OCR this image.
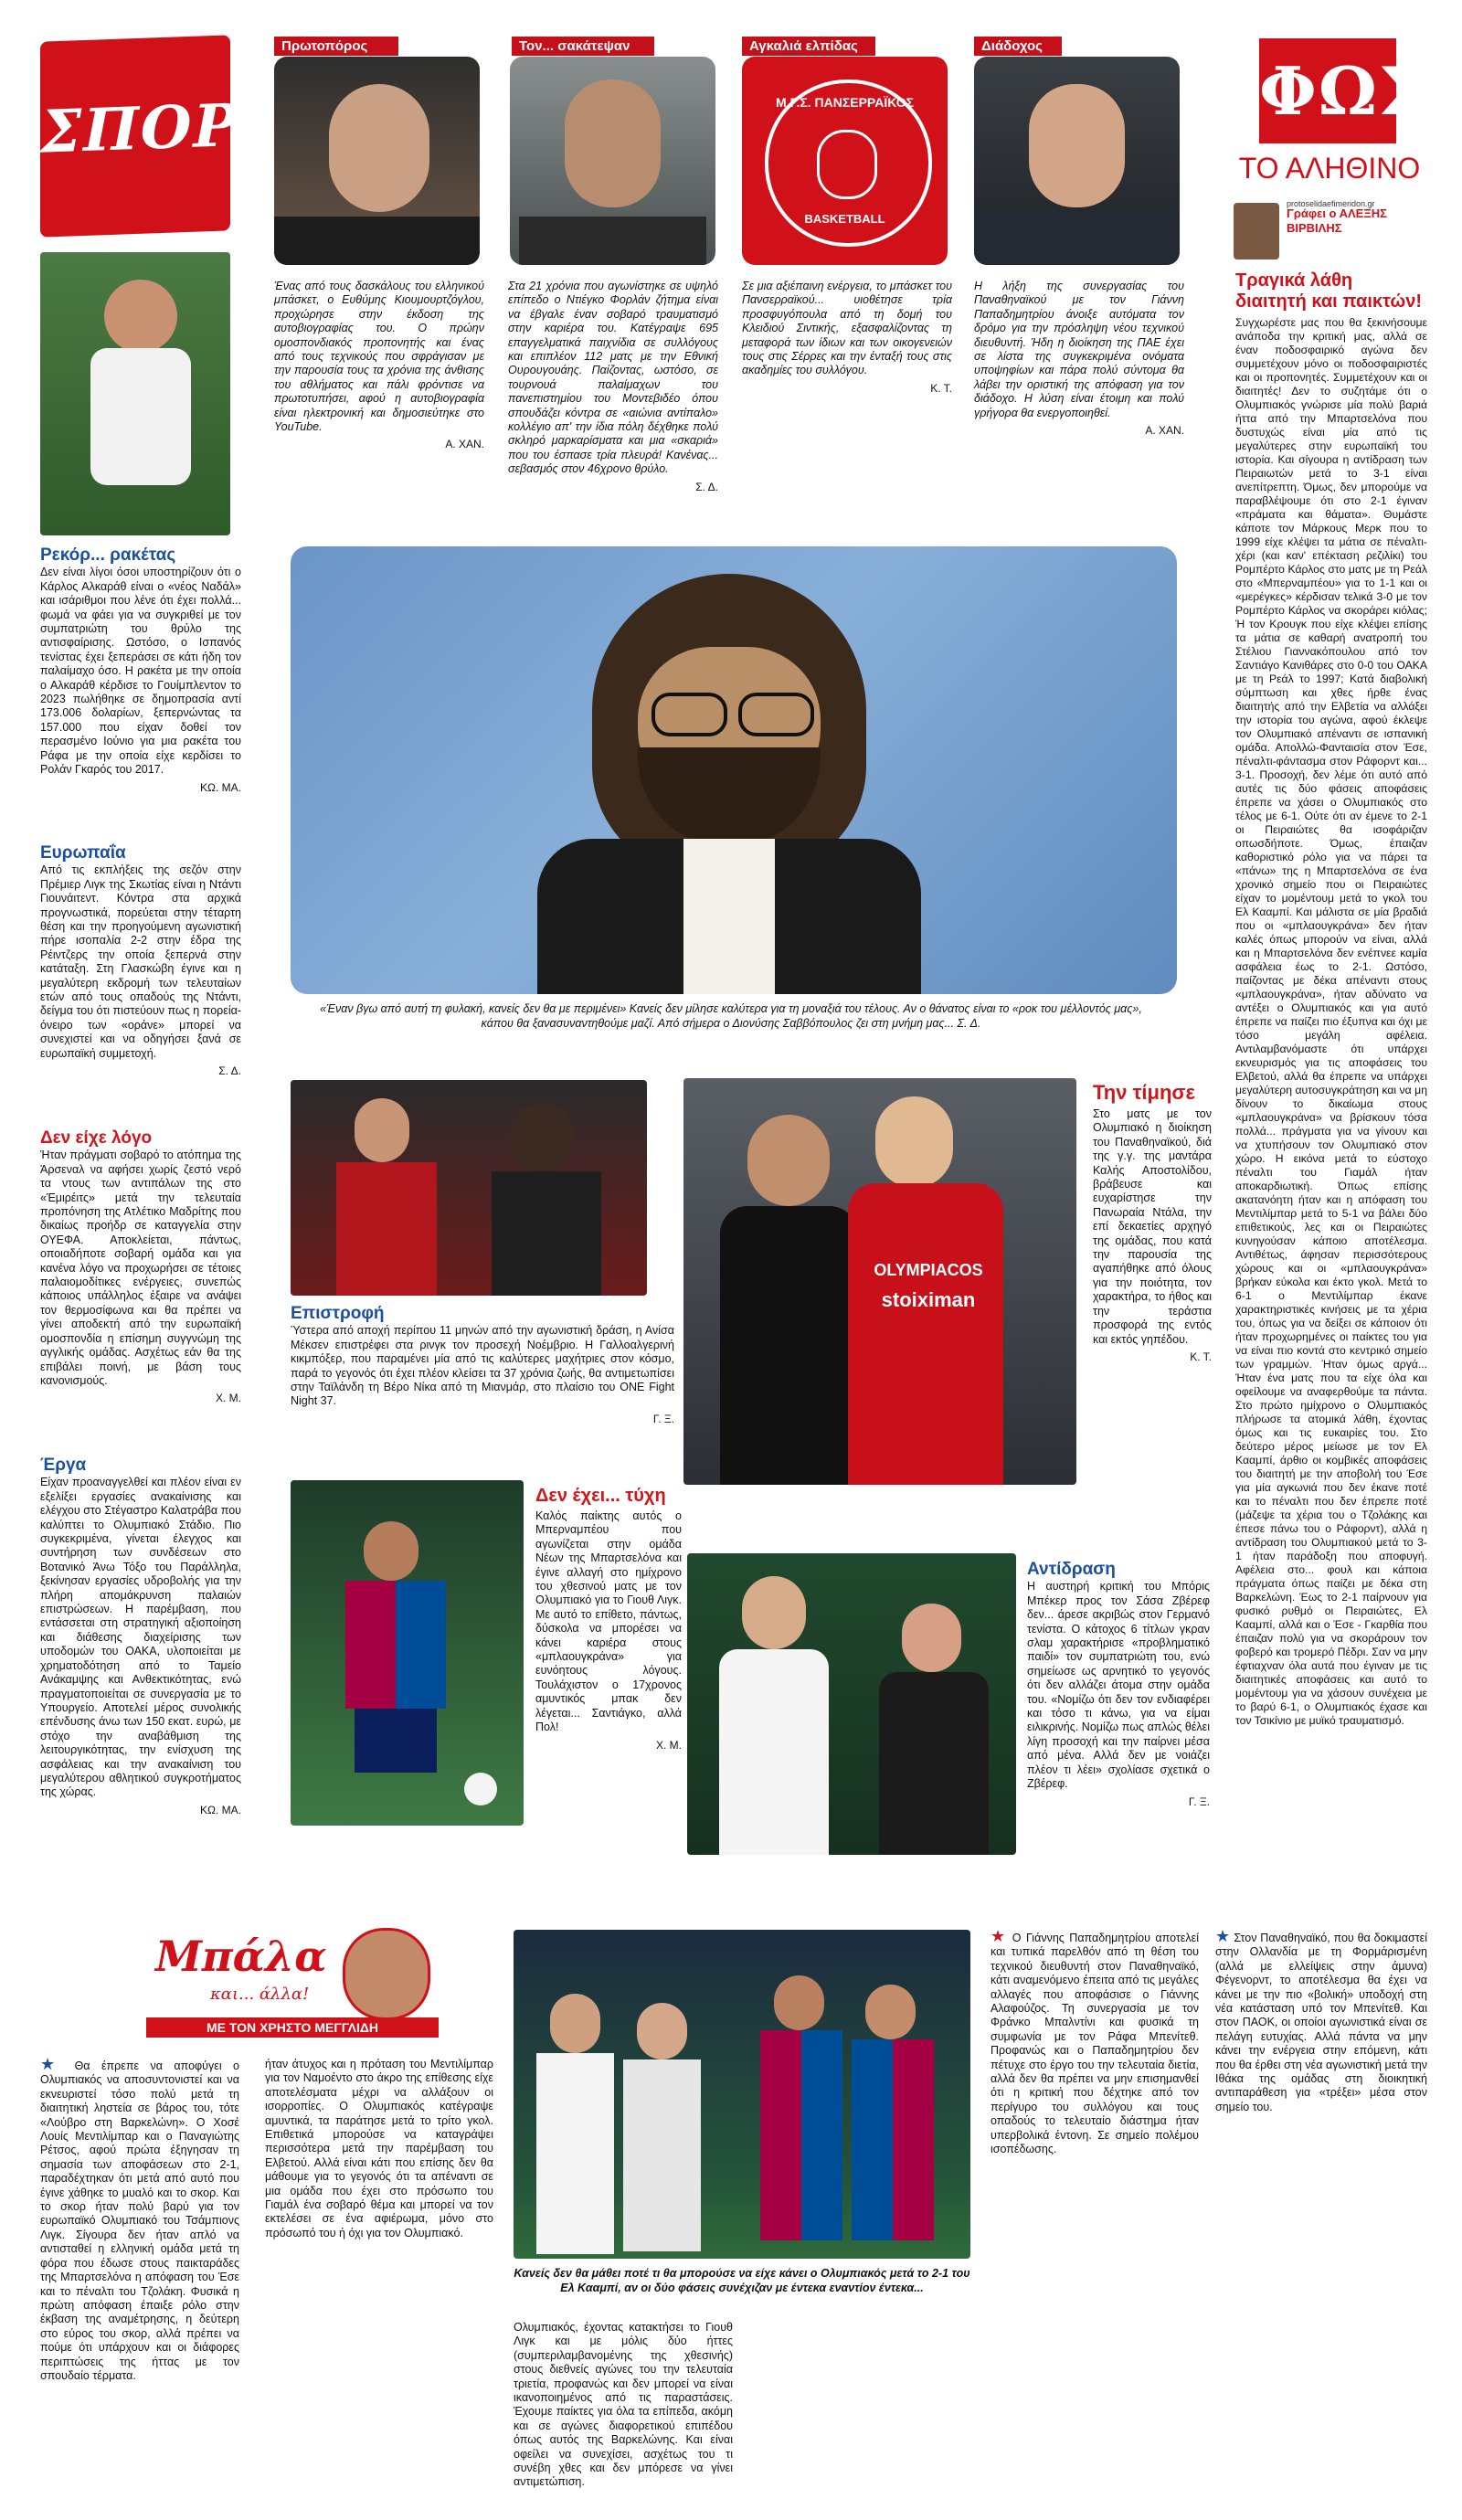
ΣΠΟΡ
Πρωτοπόρος	Τον... σακάτεψαν	Αγκαλιά ελπίδας	Διάδοχος
Μ.Γ.Σ. ΠΑΝΣΕΡΡΑΪΚΟΣ
BASKETBALL
Ένας από τους δασκάλους του ελληνικού μπάσκετ, ο Ευθύμης Κιουμουρτζόγλου, προχώρησε στην έκδοση της αυτοβιογραφίας του. Ο πρώην ομοσπονδιακός προπονητής και ένας από τους τεχνικούς που σφράγισαν με την παρουσία τους τα χρόνια της άνθισης του αθλήματος και πάλι φρόντισε να πρωτοτυπήσει, αφού η αυτοβιογραφία είναι ηλεκτρονική και δημοσιεύτηκε στο YouTube.
Α. ΧΑΝ.
Στα 21 χρόνια που αγωνίστηκε σε υψηλό επίπεδο ο Ντιέγκο Φορλάν ζήτημα είναι να έβγαλε έναν σοβαρό τραυματισμό στην καριέρα του. Κατέγραψε 695 επαγγελματικά παιχνίδια σε συλλόγους και επιπλέον 112 ματς με την Εθνική Ουρουγουάης. Παίζοντας, ωστόσο, σε τουρνουά παλαίμαχων του πανεπιστημίου του Μοντεβιδέο όπου σπουδάζει κόντρα σε «αιώνια αντίπαλο» κολλέγιο απ' την ίδια πόλη δέχθηκε πολύ σκληρό μαρκαρίσματα και μια «σκαριά» που του έσπασε τρία πλευρά! Κανένας... σεβασμός στον 46χρονο θρύλο.
Σ. Δ.
Σε μια αξιέπαινη ενέργεια, το μπάσκετ του Πανσερραϊκού... υιοθέτησε τρία προσφυγόπουλα από τη δομή του Κλειδιού Σιντικής, εξασφαλίζοντας τη μεταφορά των ίδιων και των οικογενειών τους στις Σέρρες και την ένταξή τους στις ακαδημίες του συλλόγου.
Κ. Τ.
Η λήξη της συνεργασίας του Παναθηναϊκού με τον Γιάννη Παπαδημητρίου άνοιξε αυτόματα τον δρόμο για την πρόσληψη νέου τεχνικού διευθυντή. Ήδη η διοίκηση της ΠΑΕ έχει σε λίστα της συγκεκριμένα ονόματα υποψηφίων και πάρα πολύ σύντομα θα λάβει την οριστική της απόφαση για τον διάδοχο. Η λύση είναι έτοιμη και πολύ γρήγορα θα ενεργοποιηθεί.
Α. ΧΑΝ.
ΦΩΣ
ΤΟ ΑΛΗΘΙΝΟ
Γράφει ο ΑΛΕΞΗΣ ΒΙΡΒΙΛΗΣ
protoselidaefimeridon.gr
Τραγικά λάθη διαιτητή και παικτών!
Συγχωρέστε μας που θα ξεκινήσουμε ανάποδα την κριτική μας, αλλά σε έναν ποδοσφαιρικό αγώνα δεν συμμετέχουν μόνο οι ποδοσφαιριστές και οι προπονητές. Συμμετέχουν και οι διαιτητές! Δεν το συζητάμε ότι ο Ολυμπιακός γνώρισε μία πολύ βαριά ήττα από την Μπαρτσελόνα που δυστυχώς είναι μία από τις μεγαλύτερες στην ευρωπαϊκή του ιστορία. Και σίγουρα η αντίδραση των Πειραιωτών μετά το 3-1 είναι ανεπίτρεπτη. Όμως, δεν μπορούμε να παραβλέψουμε ότι στο 2-1 έγιναν «πράματα και θάματα». Θυμάστε κάποτε τον Μάρκους Μερκ που το 1999 είχε κλέψει τα μάτια σε πέναλτι-χέρι (και καν' επέκταση ρεζιλίκι) του Ρομπέρτο Κάρλος στο ματς με τη Ρεάλ στο «Μπερναμπέου» για το 1-1 και οι «μερέγκες» κέρδισαν τελικά 3-0 με τον Ρομπέρτο Κάρλος να σκοράρει κιόλας; Ή τον Κρουγκ που είχε κλέψει επίσης τα μάτια σε καθαρή ανατροπή του Στέλιου Γιαννακόπουλου από τον Σαντιάγο Κανιθάρες στο 0-0 του ΟΑΚΑ με τη Ρεάλ το 1997; Κατά διαβολική σύμπτωση και χθες ήρθε ένας διαιτητής από την Ελβετία να αλλάξει την ιστορία του αγώνα, αφού έκλεψε τον Ολυμπιακό απέναντι σε ισπανική ομάδα. Απολλώ-Φανταισία στον Έσε, πέναλτι-φάντασμα στον Ράφορντ και... 3-1. Προσοχή, δεν λέμε ότι αυτό από αυτές τις δύο φάσεις αποφάσεις έπρεπε να χάσει ο Ολυμπιακός στο τέλος με 6-1. Ούτε ότι αν έμενε το 2-1 οι Πειραιώτες θα ισοφάριζαν οπωσδήποτε. Όμως, έπαιζαν καθοριστικό ρόλο για να πάρει τα «πάνω» της η Μπαρτσελόνα σε ένα χρονικό σημείο που οι Πειραιώτες είχαν το μομέντουμ μετά το γκολ του Ελ Κααμπί. Και μάλιστα σε μία βραδιά που οι «μπλαουγκράνα» δεν ήταν καλές όπως μπορούν να είναι, αλλά και η Μπαρτσελόνα δεν ενέπνεε καμία ασφάλεια έως το 2-1. Ωστόσο, παίζοντας με δέκα απέναντι στους «μπλαουγκράνα», ήταν αδύνατο να αντέξει ο Ολυμπιακός και για αυτό έπρεπε να παίζει πιο έξυπνα και όχι με τόσο μεγάλη αφέλεια. Αντιλαμβανόμαστε ότι υπάρχει εκνευρισμός για τις αποφάσεις του Ελβετού, αλλά θα έπρεπε να υπάρχει μεγαλύτερη αυτοσυγκράτηση και να μη δίνουν το δικαίωμα στους «μπλαουγκράνα» να βρίσκουν τόσα πολλά... πράγματα για να γίνουν και να χτυπήσουν τον Ολυμπιακό στον χώρο. Η εικόνα μετά το εύστοχο πέναλτι του Γιαμάλ ήταν αποκαρδιωτική. Όπως επίσης ακατανόητη ήταν και η απόφαση του Μεντιλίμπαρ μετά το 5-1 να βάλει δύο επιθετικούς, λες και οι Πειραιώτες κυνηγούσαν κάποιο αποτέλεσμα. Αντιθέτως, άφησαν περισσότερους χώρους και οι «μπλαουγκράνα» βρήκαν εύκολα και έκτο γκολ. Μετά το 6-1 ο Μεντιλίμπαρ έκανε χαρακτηριστικές κινήσεις με τα χέρια του, όπως για να δείξει σε κάποιον ότι ήταν προχωρημένες οι παίκτες του για να είναι πιο κοντά στο κεντρικό σημείο των γραμμών. Ήταν όμως αργά... Ήταν ένα ματς που τα είχε όλα και οφείλουμε να αναφερθούμε τα πάντα. Στο πρώτο ημίχρονο ο Ολυμπιακός πλήρωσε τα ατομικά λάθη, έχοντας όμως και τις ευκαιρίες του. Στο δεύτερο μέρος μείωσε με τον Ελ Κααμπί, άρθιο οι κομβικές αποφάσεις του διαιτητή με την αποβολή του Έσε για μία αγκωνιά που δεν έκανε ποτέ και το πέναλτι που δεν έπρεπε ποτέ (μάζεψε τα χέρια του ο Τζολάκης και έπεσε πάνω του ο Ράφορντ), αλλά η αντίδραση του Ολυμπιακού μετά το 3-1 ήταν παράδοξη που αποφυγή. Αφέλεια στο... φουλ και κάποια πράγματα όπως παίζει με δέκα στη Βαρκελώνη. Έως το 2-1 παίρνουν για φυσικό ρυθμό οι Πειραιώτες, Ελ Κααμπί, αλλά και ο Έσε - Γκαρθία που έπαιζαν πολύ για να σκοράρουν τον φοβερό και τρομερό Πέδρι. Σαν να μην έφτιαχναν όλα αυτά που έγιναν με τις διαιτητικές αποφάσεις και αυτό το μομέντουμ για να χάσουν συνέχεια με το βαρύ 6-1, ο Ολυμπιακός έχασε και τον Τσικίνιο με μυϊκό τραυματισμό.
Ρεκόρ... ρακέτας
Δεν είναι λίγοι όσοι υποστηρίζουν ότι ο Κάρλος Αλκαράθ είναι ο «νέος Ναδάλ» και ισάριθμοι που λένε ότι έχει πολλά... φωμά να φάει για να συγκριθεί με τον συμπατριώτη του θρύλο της αντισφαίρισης. Ωστόσο, ο Ισπανός τενίστας έχει ξεπεράσει σε κάτι ήδη τον παλαίμαχο όσο. Η ρακέτα με την οποία ο Αλκαράθ κέρδισε το Γουίμπλεντον το 2023 πωλήθηκε σε δημοπρασία αντί 173.006 δολαρίων, ξεπερνώντας τα 157.000 που είχαν δοθεί τον περασμένο Ιούνιο για μια ρακέτα του Ράφα με την οποία είχε κερδίσει το Ρολάν Γκαρός του 2017.
ΚΩ. ΜΑ.
Ευρωπαΐα
Από τις εκπλήξεις της σεζόν στην Πρέμιερ Λιγκ της Σκωτίας είναι η Ντάντι Γιουνάιτεντ. Κόντρα στα αρχικά προγνωστικά, πορεύεται στην τέταρτη θέση και την προηγούμενη αγωνιστική πήρε ισοπαλία 2-2 στην έδρα της Ρέιντζερς την οποία ξεπερνά στην κατάταξη. Στη Γλασκώβη έγινε και η μεγαλύτερη εκδρομή των τελευταίων ετών από τους οπαδούς της Ντάντι, δείγμα του ότι πιστεύουν πως η πορεία-όνειρο των «οράνε» μπορεί να συνεχιστεί και να οδηγήσει ξανά σε ευρωπαϊκή συμμετοχή.
Σ. Δ.
Δεν είχε λόγο
Ήταν πράγματι σοβαρό το ατόπημα της Άρσεναλ να αφήσει χωρίς ζεστό νερό τα ντους των αντιπάλων της στο «Έμιρέιτς» μετά την τελευταία προπόνηση της Ατλέτικο Μαδρίτης που δικαίως προήδρ σε καταγγελία στην ΟΥΕΦΑ. Αποκλείεται, πάντως, οποιαδήποτε σοβαρή ομάδα και για κανένα λόγο να προχωρήσει σε τέτοιες παλαιομοδίτικες ενέργειες, συνεπώς κάποιος υπάλληλος έξαιρε να ανάψει τον θερμοσίφωνα και θα πρέπει να γίνει αποδεκτή από την ευρωπαϊκή ομοσπονδία η επίσημη συγγνώμη της αγγλικής ομάδας. Ασχέτως εάν θα της επιβάλει ποινή, με βάση τους κανονισμούς.
Χ. Μ.
Έργα
Είχαν προαναγγελθεί και πλέον είναι εν εξελίξει εργασίες ανακαίνισης και ελέγχου στο Στέγαστρο Καλατράβα που καλύπτει το Ολυμπιακό Στάδιο. Πιο συγκεκριμένα, γίνεται έλεγχος και συντήρηση των συνδέσεων στο Βοτανικό Άνω Τόξο του Παράλληλα, ξεκίνησαν εργασίες υδροβολής για την πλήρη απομάκρυνση παλαιών επιστρώσεων. Η παρέμβαση, που εντάσσεται στη στρατηγική αξιοποίηση και διάθεσης διαχείρισης των υποδομών του ΟΑΚΑ, υλοποιείται με χρηματοδότηση από το Ταμείο Ανάκαμψης και Ανθεκτικότητας, ενώ πραγματοποιείται σε συνεργασία με το Υπουργείο. Αποτελεί μέρος συνολικής επένδυσης άνω των 150 εκατ. ευρώ, με στόχο την αναβάθμιση της λειτουργικότητας, την ενίσχυση της ασφάλειας και την ανακαίνιση του μεγαλύτερου αθλητικού συγκροτήματος της χώρας.
ΚΩ. ΜΑ.
«Έναν βγω από αυτή τη φυλακή, κανείς δεν θα με περιμένει» Κανείς δεν μίλησε καλύτερα για τη μοναξιά του τέλους. Αν ο θάνατος είναι το «ροκ του μέλλοντός μας», κάπου θα ξανασυναντηθούμε μαζί. Από σήμερα ο Διονύσης Σαββόπουλος ζει στη μνήμη μας... Σ. Δ.
Επιστροφή
Ύστερα από αποχή περίπου 11 μηνών από την αγωνιστική δράση, η Ανίσα Μέκσεν επιστρέφει στα ρινγκ τον προσεχή Νοέμβριο. Η Γαλλοαλγερινή κικμπόξερ, που παραμένει μία από τις καλύτερες μαχήτριες στον κόσμο, παρά το γεγονός ότι έχει πλέον κλείσει τα 37 χρόνια ζωής, θα αντιμετωπίσει στην Ταϊλάνδη τη Βέρο Νίκα από τη Μιανμάρ, στο πλαίσιο του ONE Fight Night 37.
Γ. Ξ.
OLYMPIACOS
stoiximan
Την τίμησε
Στο ματς με τον Ολυμπιακό η διοίκηση του Παναθηναϊκού, διά της γ.γ. της μαντάρα Καλής Αποστολίδου, βράβευσε και ευχαρίστησε την Πανωραία Ντάλα, την επί δεκαετίες αρχηγό της ομάδας, που κατά την παρουσία της αγαπήθηκε από όλους για την ποιότητα, τον χαρακτήρα, το ήθος και την τεράστια προσφορά της εντός και εκτός γηπέδου.
Κ. Τ.
Δεν έχει... τύχη
Καλός παίκτης αυτός ο Μπερναμπέου που αγωνίζεται στην ομάδα Νέων της Μπαρτσελόνα και έγινε αλλαγή στο ημίχρονο του χθεσινού ματς με τον Ολυμπιακό για το Γιουθ Λιγκ. Με αυτό το επίθετο, πάντως, δύσκολα να μπορέσει να κάνει καριέρα στους «μπλαουγκράνα» για ευνόητους λόγους. Τουλάχιστον ο 17χρονος αμυντικός μπακ δεν λέγεται... Σαντιάγκο, αλλά Πολ!
Χ. Μ.
Αντίδραση
Η αυστηρή κριτική του Μπόρις Μπέκερ προς τον Σάσα Ζβέρεφ δεν... άρεσε ακριβώς στον Γερμανό τενίστα. Ο κάτοχος 6 τίτλων γκραν σλαμ χαρακτήρισε «προβληματικό παιδί» τον συμπατριώτη του, ενώ σημείωσε ως αρνητικό το γεγονός ότι δεν αλλάζει άτομα στην ομάδα του. «Νομίζω ότι δεν τον ενδιαφέρει και τόσο τι κάνω, για να είμαι ειλικρινής. Νομίζω πως απλώς θέλει λίγη προσοχή και την παίρνει μέσα από μένα. Αλλά δεν με νοιάζει πλέον τι λέει» σχολίασε σχετικά ο Ζβέρεφ.
Γ. Ξ.
Μπάλα
και... άλλα!
ΜΕ ΤΟΝ ΧΡΗΣΤΟ ΜΕΓΓΛΙΔΗ
Κανείς δεν θα μάθει ποτέ τι θα μπορούσε να είχε κάνει ο Ολυμπιακός μετά το 2-1 του Ελ Κααμπί, αν οι δύο φάσεις συνέχιζαν με έντεκα εναντίον έντεκα...
★ Θα έπρεπε να αποφύγει ο Ολυμπιακός να αποσυντονιστεί και να εκνευριστεί τόσο πολύ μετά τη διαιτητική ληστεία σε βάρος του, τότε «Λούβρο στη Βαρκελώνη». Ο Χοσέ Λουίς Μεντιλίμπαρ και ο Παναγιώτης Ρέτσος, αφού πρώτα έξηγησαν τη σημασία των αποφάσεων στο 2-1, παραδέχτηκαν ότι μετά από αυτό που έγινε χάθηκε το μυαλό και το σκορ. Και το σκορ ήταν πολύ βαρύ για τον ευρωπαϊκό Ολυμπιακό του Τσάμπιονς Λιγκ. Σίγουρα δεν ήταν απλό να αντισταθεί η ελληνική ομάδα μετά τη φόρα που έδωσε στους παικταράδες της Μπαρτσελόνα η απόφαση του Έσε και το πέναλτι του Τζολάκη. Φυσικά η πρώτη απόφαση έπαιξε ρόλο στην έκβαση της αναμέτρησης, η δεύτερη στο εύρος του σκορ, αλλά πρέπει να πούμε ότι υπάρχουν και οι διάφορες περιπτώσεις της ήττας με τον σπουδαίο τέρματα.
ήταν άτυχος και η πρόταση του Μεντιλίμπαρ για τον Ναμοέντο στο άκρο της επίθεσης είχε αποτελέσματα μέχρι να αλλάξουν οι ισορροπίες. Ο Ολυμπιακός κατέγραψε αμυντικά, τα παράτησε μετά το τρίτο γκολ. Επιθετικά μπορούσε να καταγράψει περισσότερα μετά την παρέμβαση του Ελβετού. Αλλά είναι κάτι που επίσης δεν θα μάθουμε για το γεγονός ότι τα απέναντι σε μια ομάδα που έχει στο πρόσωπο του Γιαμάλ ένα σοβαρό θέμα και μπορεί να τον εκτελέσει σε ένα αφιέρωμα, μόνο στο πρόσωπό του ή όχι για τον Ολυμπιακό.
Ολυμπιακός, έχοντας κατακτήσει το Γιουθ Λιγκ και με μόλις δύο ήττες (συμπεριλαμβανομένης της χθεσινής) στους διεθνείς αγώνες του την τελευταία τριετία, προφανώς και δεν μπορεί να είναι ικανοποιημένος από τις παραστάσεις. Έχουμε παίκτες για όλα τα επίπεδα, ακόμη και σε αγώνες διαφορετικού επιπέδου όπως αυτός της Βαρκελώνης. Και είναι οφείλει να συνεχίσει, ασχέτως του τι συνέβη χθες και δεν μπόρεσε να γίνει αντιμετώπιση.
★ Ο Γιάννης Παπαδημητρίου αποτελεί και τυπικά παρελθόν από τη θέση του τεχνικού διευθυντή στον Παναθηναϊκό, κάτι αναμενόμενο έπειτα από τις μεγάλες αλλαγές που αποφάσισε ο Γιάννης Αλαφούζος. Τη συνεργασία με τον Φράνκο Μπαλντίνι και φυσικά τη συμφωνία με τον Ράφα Μπενίτεθ. Προφανώς και ο Παπαδημητρίου δεν πέτυχε στο έργο του την τελευταία διετία, αλλά δεν θα πρέπει να μην επισημανθεί ότι η κριτική που δέχτηκε από τον περίγυρο του συλλόγου και τους οπαδούς το τελευταίο διάστημα ήταν υπερβολικά έντονη. Σε σημείο πολέμου ισοπέδωσης.
★ Στον Παναθηναϊκό, που θα δοκιμαστεί στην Ολλανδία με τη Φορμάρισμένη (αλλά με ελλείψεις στην άμυνα) Φέγενορντ, το αποτέλεσμα θα έχει να κάνει με την πιο «βολική» υποδοχή στη νέα κατάσταση υπό τον Μπενίτεθ. Και στον ΠΑΟΚ, οι οποίοι αγωνιστικά είναι σε πελάγη ευτυχίας. Αλλά πάντα να μην κάνει την ενέργεια στην επόμενη, κάτι που θα έρθει στη νέα αγωνιστική μετά την Ιθάκα της ομάδας στη διοικητική αντιπαράθεση για «τρέξει» μέσα στον σημείο του.
